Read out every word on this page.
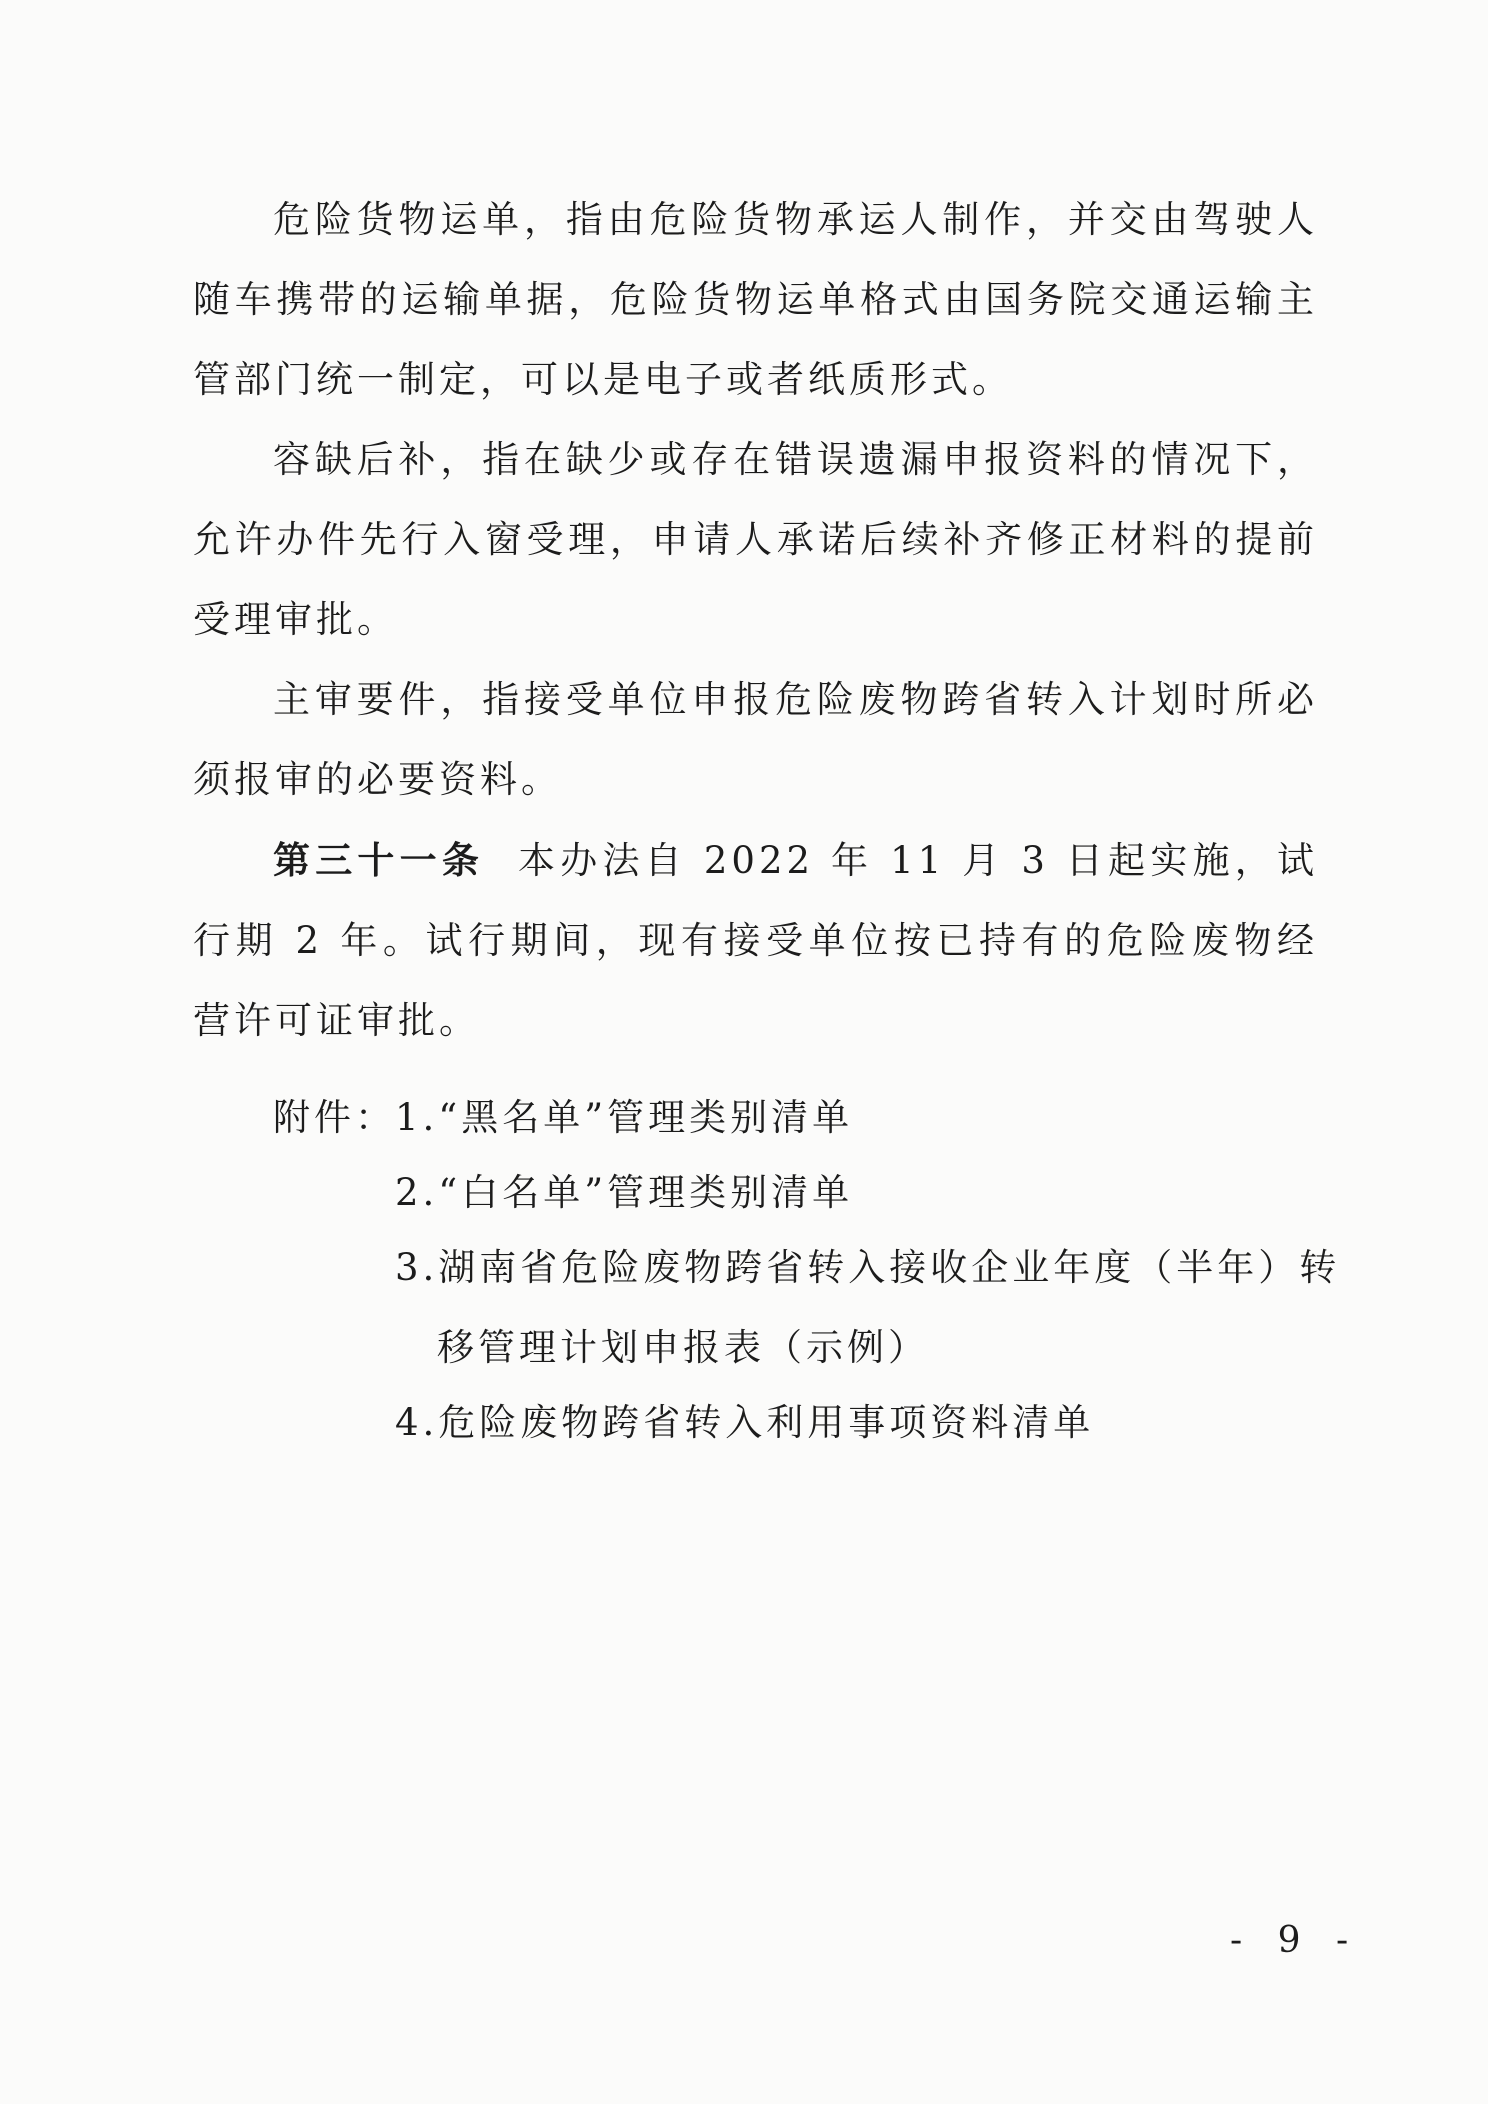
危险货物运单，指由危险货物承运人制作，并交由驾驶人随车携带的运输单据，危险货物运单格式由国务院交通运输主管部门统一制定，可以是电子或者纸质形式。

容缺后补，指在缺少或存在错误遗漏申报资料的情况下，允许办件先行入窗受理，申请人承诺后续补齐修正材料的提前受理审批。

主审要件，指接受单位申报危险废物跨省转入计划时所必须报审的必要资料。

第三十一条 本办法自 2022 年 11 月 3 日起实施，试行期 2 年。试行期间，现有接受单位按已持有的危险废物经营许可证审批。

附件： 1.“黑名单”管理类别清单
2.“白名单”管理类别清单
3.湖南省危险废物跨省转入接收企业年度（半年）转移管理计划申报表（示例）
4.危险废物跨省转入利用事项资料清单
- 9 -
